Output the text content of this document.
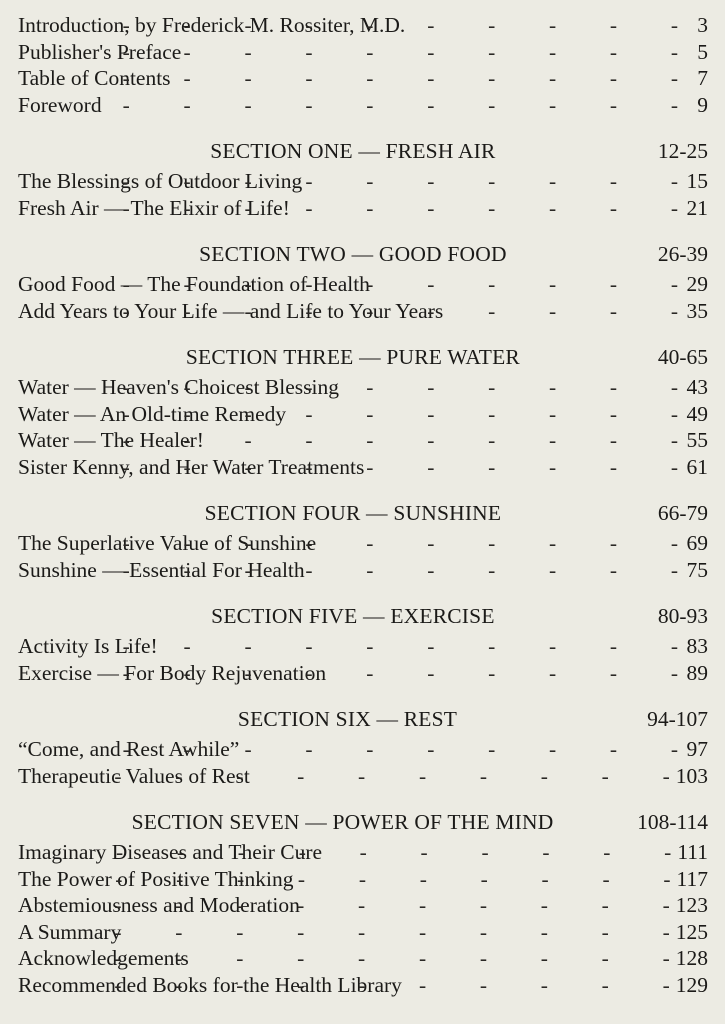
Introduction, by Frederick M. Rossiter, M.D. -	3
Publisher's Preface -	5
Table of Contents -	7
Foreword -	9
SECTION ONE — FRESH AIR	12-25
The Blessings of Outdoor Living -	15
Fresh Air — The Elixir of Life! -	21
SECTION TWO — GOOD FOOD	26-39
Good Food — The Foundation of Health -	29
Add Years to Your Life — and Life to Your Years -	35
SECTION THREE — PURE WATER	40-65
Water — Heaven's Choicest Blessing -	43
Water — An Old-time Remedy -	49
Water — The Healer! -	55
Sister Kenny, and Her Water Treatments -	61
SECTION FOUR — SUNSHINE	66-79
The Superlative Value of Sunshine -	69
Sunshine — Essential For Health -	75
SECTION FIVE — EXERCISE	80-93
Activity Is Life! -	83
Exercise — For Body Rejuvenation -	89
SECTION SIX — REST	94-107
“Come, and Rest Awhile” -	97
Therapeutic Values of Rest -	103
SECTION SEVEN — POWER OF THE MIND	108-114
Imaginary Diseases and Their Cure -	111
The Power of Positive Thinking -	117
Abstemiousness and Moderation -	123
A Summary -	125
Acknowledgements -	128
Recommended Books for the Health Library -	129
